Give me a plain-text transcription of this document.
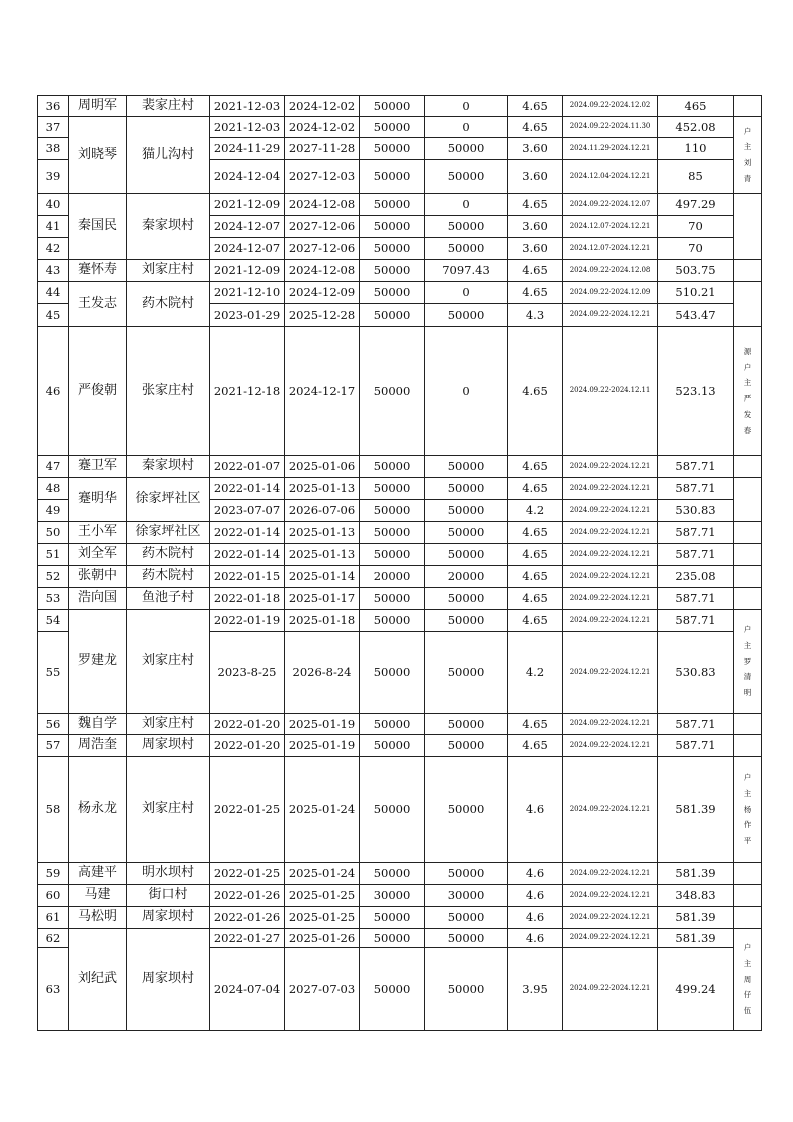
36	周明军	裴家庄村	2021-12-03	2024-12-02	50000	0	4.65	2024.09.22-2024.12.02	465	
37	刘晓琴	猫儿沟村	2021-12-03	2024-12-02	50000	0	4.65	2024.09.22-2024.11.30	452.08	户主刘青
38			2024-11-29	2027-11-28	50000	50000	3.60	2024.11.29-2024.12.21	110	
39			2024-12-04	2027-12-03	50000	50000	3.60	2024.12.04-2024.12.21	85	
40	秦国民	秦家坝村	2021-12-09	2024-12-08	50000	0	4.65	2024.09.22-2024.12.07	497.29	
41			2024-12-07	2027-12-06	50000	50000	3.60	2024.12.07-2024.12.21	70	
42			2024-12-07	2027-12-06	50000	50000	3.60	2024.12.07-2024.12.21	70	
43	蹇怀寿	刘家庄村	2021-12-09	2024-12-08	50000	7097.43	4.65	2024.09.22-2024.12.08	503.75	
44	王发志	药木院村	2021-12-10	2024-12-09	50000	0	4.65	2024.09.22-2024.12.09	510.21	
45			2023-01-29	2025-12-28	50000	50000	4.3	2024.09.22-2024.12.21	543.47	
46	严俊朝	张家庄村	2021-12-18	2024-12-17	50000	0	4.65	2024.09.22-2024.12.11	523.13	源户主严发春
47	蹇卫军	秦家坝村	2022-01-07	2025-01-06	50000	50000	4.65	2024.09.22-2024.12.21	587.71	
48	蹇明华	徐家坪社区	2022-01-14	2025-01-13	50000	50000	4.65	2024.09.22-2024.12.21	587.71	
49			2023-07-07	2026-07-06	50000	50000	4.2	2024.09.22-2024.12.21	530.83	
50	王小军	徐家坪社区	2022-01-14	2025-01-13	50000	50000	4.65	2024.09.22-2024.12.21	587.71	
51	刘全军	药木院村	2022-01-14	2025-01-13	50000	50000	4.65	2024.09.22-2024.12.21	587.71	
52	张朝中	药木院村	2022-01-15	2025-01-14	20000	20000	4.65	2024.09.22-2024.12.21	235.08	
53	浩向国	鱼池子村	2022-01-18	2025-01-17	50000	50000	4.65	2024.09.22-2024.12.21	587.71	
54	罗建龙	刘家庄村	2022-01-19	2025-01-18	50000	50000	4.65	2024.09.22-2024.12.21	587.71	户主罗清明
55			2023-8-25	2026-8-24	50000	50000	4.2	2024.09.22-2024.12.21	530.83	
56	魏自学	刘家庄村	2022-01-20	2025-01-19	50000	50000	4.65	2024.09.22-2024.12.21	587.71	
57	周浩奎	周家坝村	2022-01-20	2025-01-19	50000	50000	4.65	2024.09.22-2024.12.21	587.71	
58	杨永龙	刘家庄村	2022-01-25	2025-01-24	50000	50000	4.6	2024.09.22-2024.12.21	581.39	户主杨作平
59	高建平	明水坝村	2022-01-25	2025-01-24	50000	50000	4.6	2024.09.22-2024.12.21	581.39	
60	马建	街口村	2022-01-26	2025-01-25	30000	30000	4.6	2024.09.22-2024.12.21	348.83	
61	马松明	周家坝村	2022-01-26	2025-01-25	50000	50000	4.6	2024.09.22-2024.12.21	581.39	
62	刘纪武	周家坝村	2022-01-27	2025-01-26	50000	50000	4.6	2024.09.22-2024.12.21	581.39	户主周仔伍
63			2024-07-04	2027-07-03	50000	50000	3.95	2024.09.22-2024.12.21	499.24	
